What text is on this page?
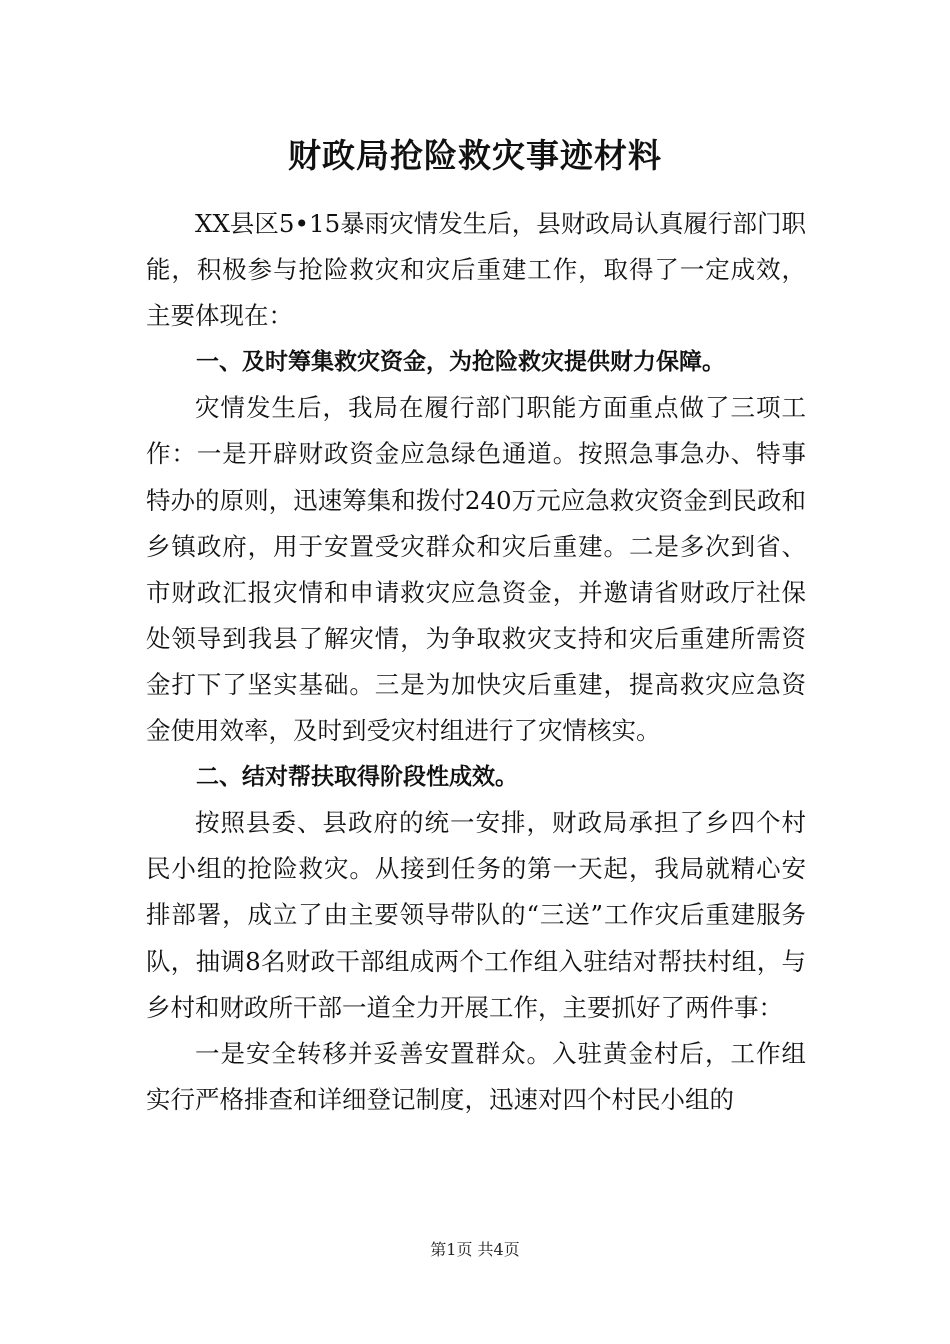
财政局抢险救灾事迹材料

XX县区5•15暴雨灾情发生后，县财政局认真履行部门职能，积极参与抢险救灾和灾后重建工作，取得了一定成效，主要体现在：

一、及时筹集救灾资金，为抢险救灾提供财力保障。

灾情发生后，我局在履行部门职能方面重点做了三项工作：一是开辟财政资金应急绿色通道。按照急事急办、特事特办的原则，迅速筹集和拨付240万元应急救灾资金到民政和乡镇政府，用于安置受灾群众和灾后重建。二是多次到省、市财政汇报灾情和申请救灾应急资金，并邀请省财政厅社保处领导到我县了解灾情，为争取救灾支持和灾后重建所需资金打下了坚实基础。三是为加快灾后重建，提高救灾应急资金使用效率，及时到受灾村组进行了灾情核实。

二、结对帮扶取得阶段性成效。

按照县委、县政府的统一安排，财政局承担了乡四个村民小组的抢险救灾。从接到任务的第一天起，我局就精心安排部署，成立了由主要领导带队的“三送”工作灾后重建服务队，抽调8名财政干部组成两个工作组入驻结对帮扶村组，与乡村和财政所干部一道全力开展工作，主要抓好了两件事：

一是安全转移并妥善安置群众。入驻黄金村后，工作组实行严格排查和详细登记制度，迅速对四个村民小组的

第1页 共4页
